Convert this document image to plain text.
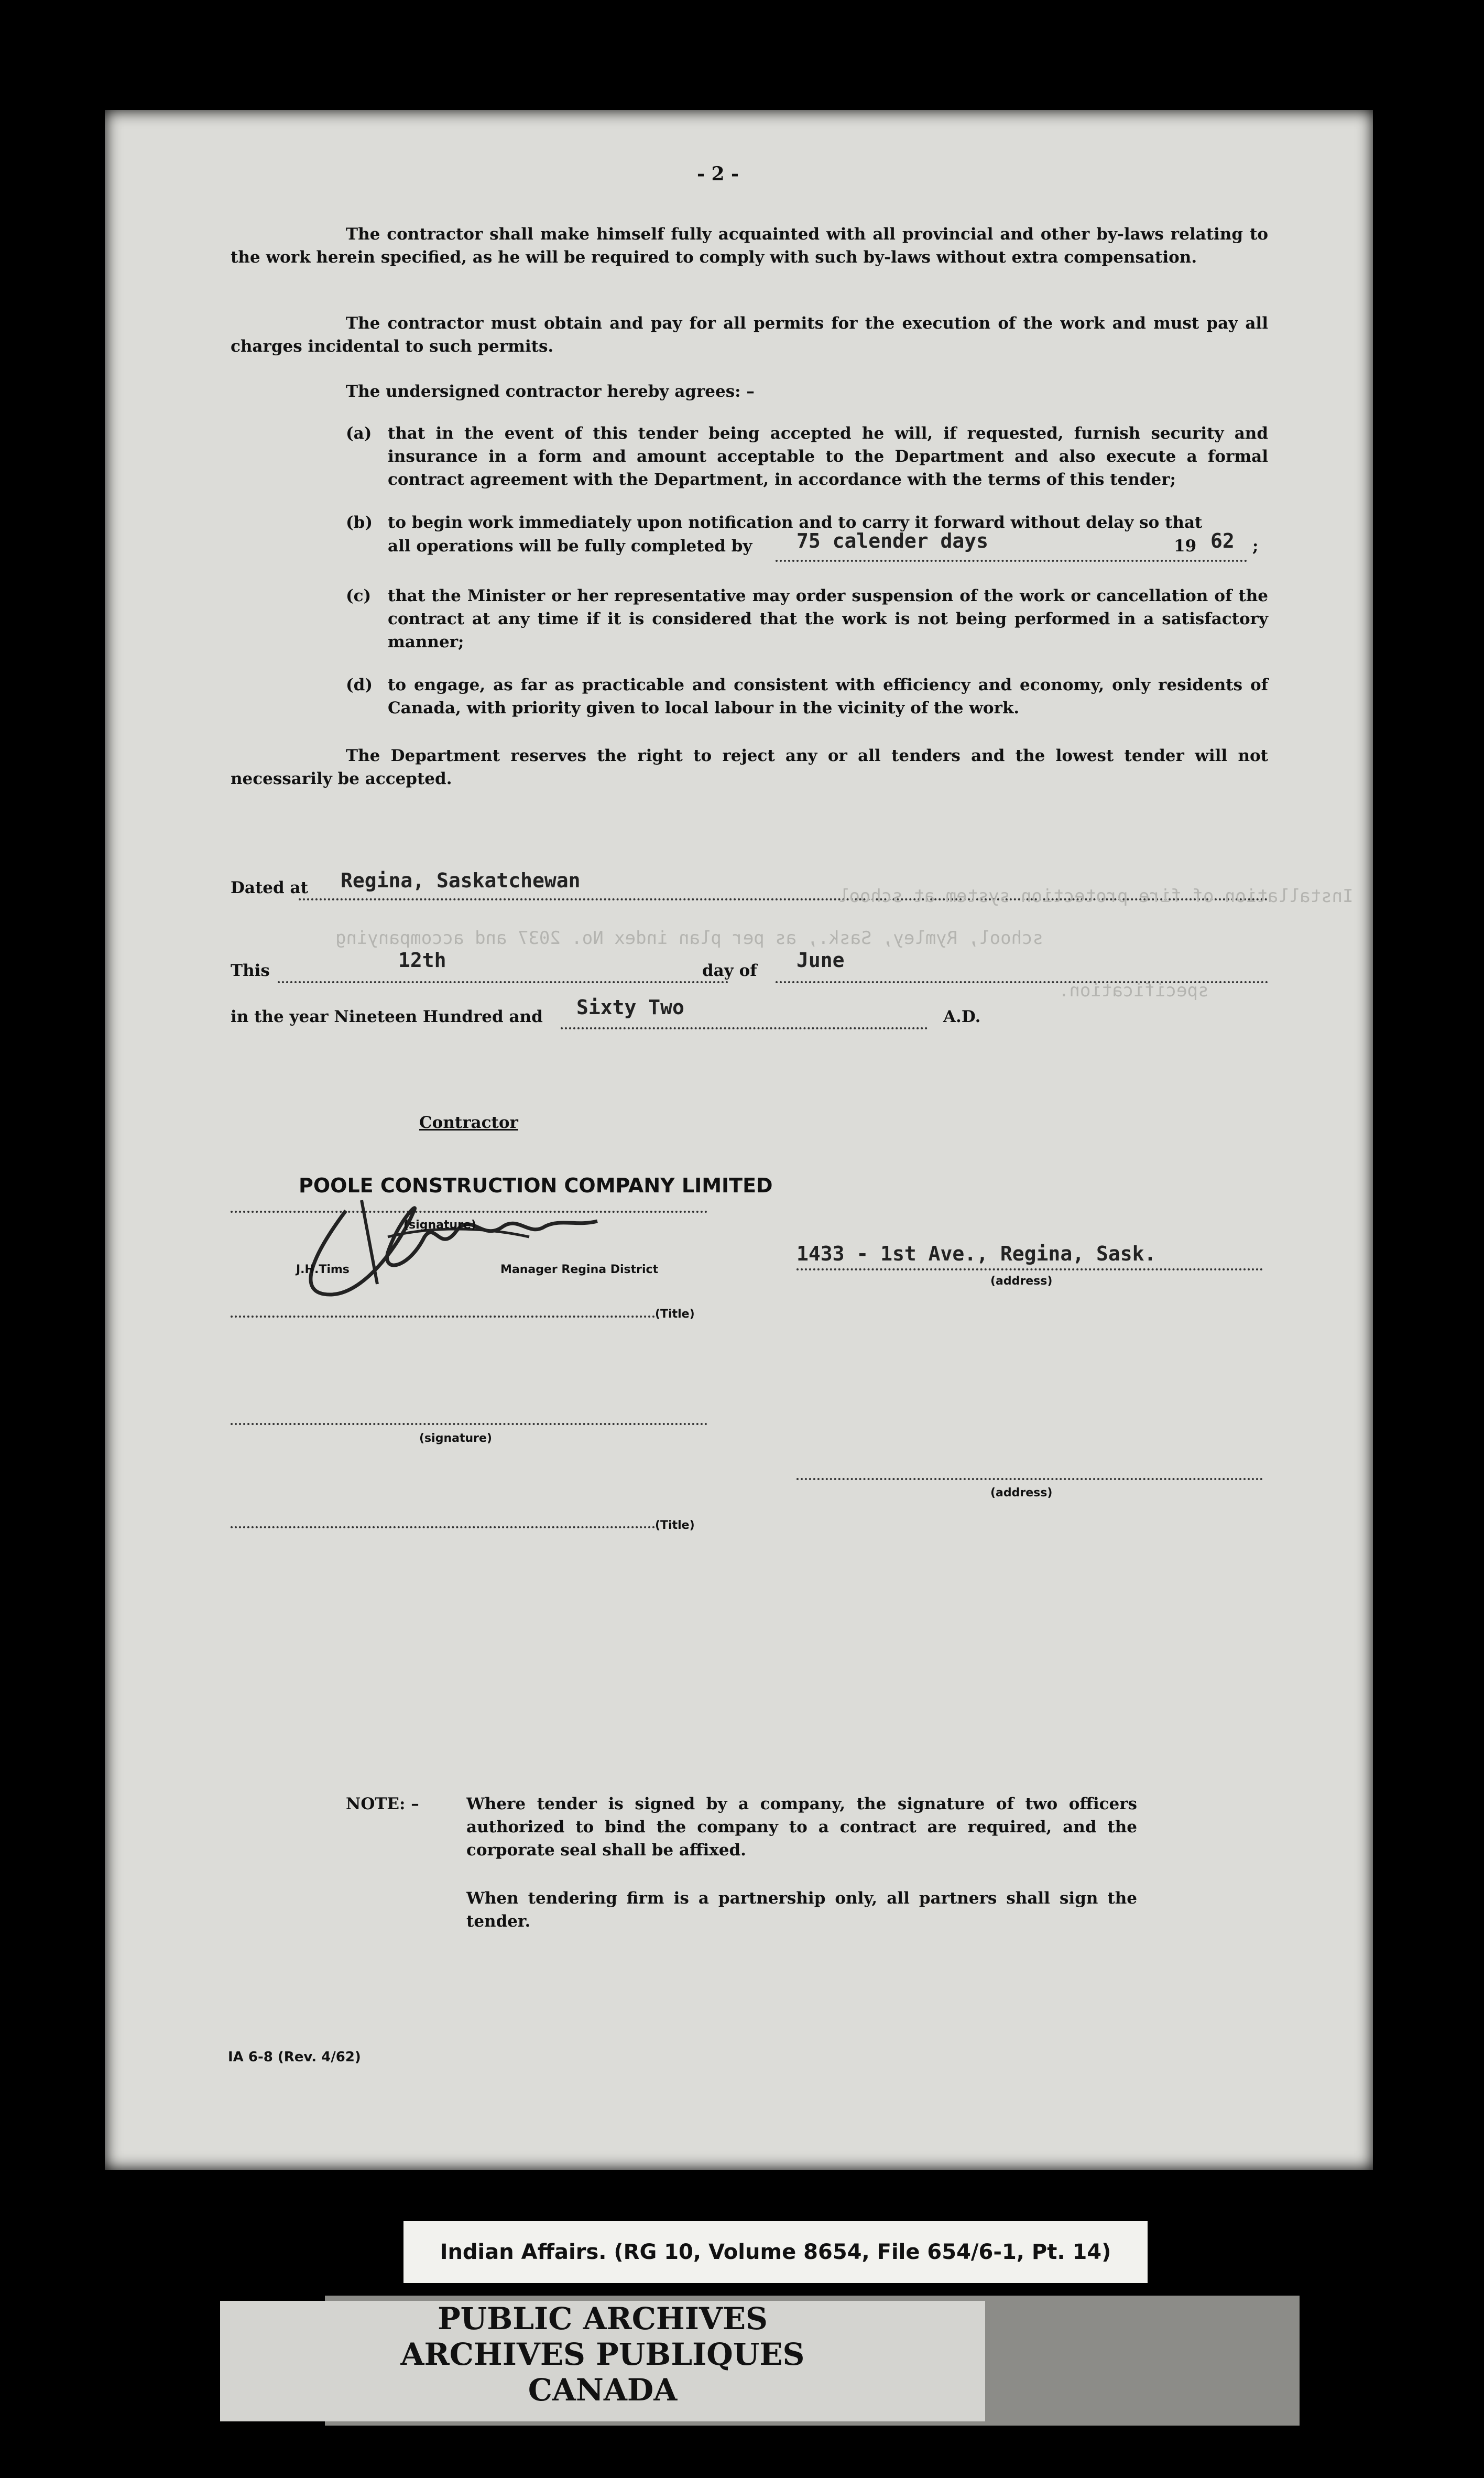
- 2 -
The contractor shall make himself fully acquainted with all provincial and other by-laws relating to the work herein specified, as he will be required to comply with such by-laws without extra compensation.
The contractor must obtain and pay for all permits for the execution of the work and must pay all charges incidental to such permits.
The undersigned contractor hereby agrees: –
(a) that in the event of this tender being accepted he will, if requested, furnish security and insurance in a form and amount acceptable to the Department and also execute a formal contract agreement with the Department, in accordance with the terms of this tender;
(b) to begin work immediately upon notification and to carry it forward without delay so that
all operations will be fully completed by 75 calender days	19 62 ;
(c) that the Minister or her representative may order suspension of the work or cancellation of the contract at any time if it is considered that the work is not being performed in a satisfactory manner;
(d) to engage, as far as practicable and consistent with efficiency and economy, only residents of Canada, with priority given to local labour in the vicinity of the work.
The Department reserves the right to reject any or all tenders and the lowest tender will not necessarily be accepted.
Dated at Regina, Saskatchewan
This	12th	day of June
in the year Nineteen Hundred and Sixty Two	A.D.
Installation of fire protection system at school
school, Rymley, Sask., as per plan index No. 2037 and accompanying
specification.
Contractor
POOLE CONSTRUCTION COMPANY LIMITED
(signature)
J.H.Tims	Manager Regina District
(Title)
1433 - 1st Ave., Regina, Sask.
(address)
(signature)
(address)
(Title)
NOTE: –	Where tender is signed by a company, the signature of two officers authorized to bind the company to a contract are required, and the corporate seal shall be affixed.
When tendering firm is a partnership only, all partners shall sign the tender.
IA 6-8 (Rev. 4/62)
Indian Affairs. (RG 10, Volume 8654, File 654/6-1, Pt. 14)
PUBLIC ARCHIVES
ARCHIVES PUBLIQUES
CANADA
